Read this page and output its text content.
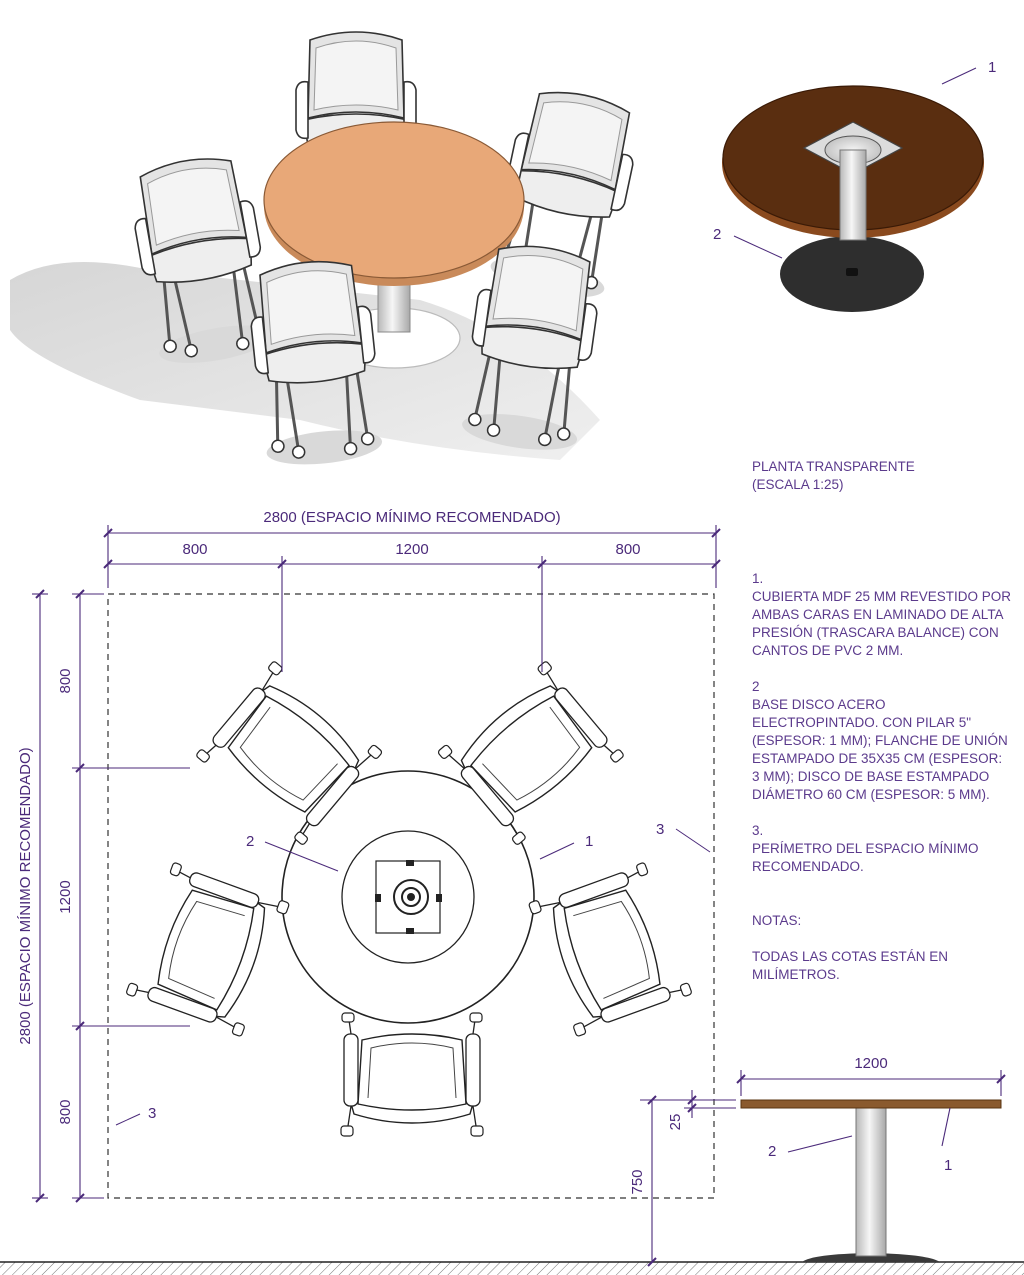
1
2
2	1
3
3
2800 (ESPACIO MÍNIMO RECOMENDADO)
800	1200	800
2800 (ESPACIO MÍNIMO RECOMENDADO)
800
1200
800
1200
25
750
2
1

PLANTA TRANSPARENTE

(ESCALA 1:25)

1.

CUBIERTA MDF 25 MM REVESTIDO POR

AMBAS CARAS EN LAMINADO DE ALTA

PRESIÓN (TRASCARA BALANCE) CON

CANTOS DE PVC 2 MM.

2

BASE DISCO ACERO

ELECTROPINTADO. CON PILAR 5"

(ESPESOR: 1 MM); FLANCHE DE UNIÓN

ESTAMPADO DE 35X35 CM (ESPESOR:

3 MM); DISCO DE BASE ESTAMPADO

DIÁMETRO 60 CM (ESPESOR: 5 MM).

3.

PERÍMETRO DEL ESPACIO MÍNIMO

RECOMENDADO.

NOTAS:

TODAS LAS COTAS ESTÁN EN

MILÍMETROS.
